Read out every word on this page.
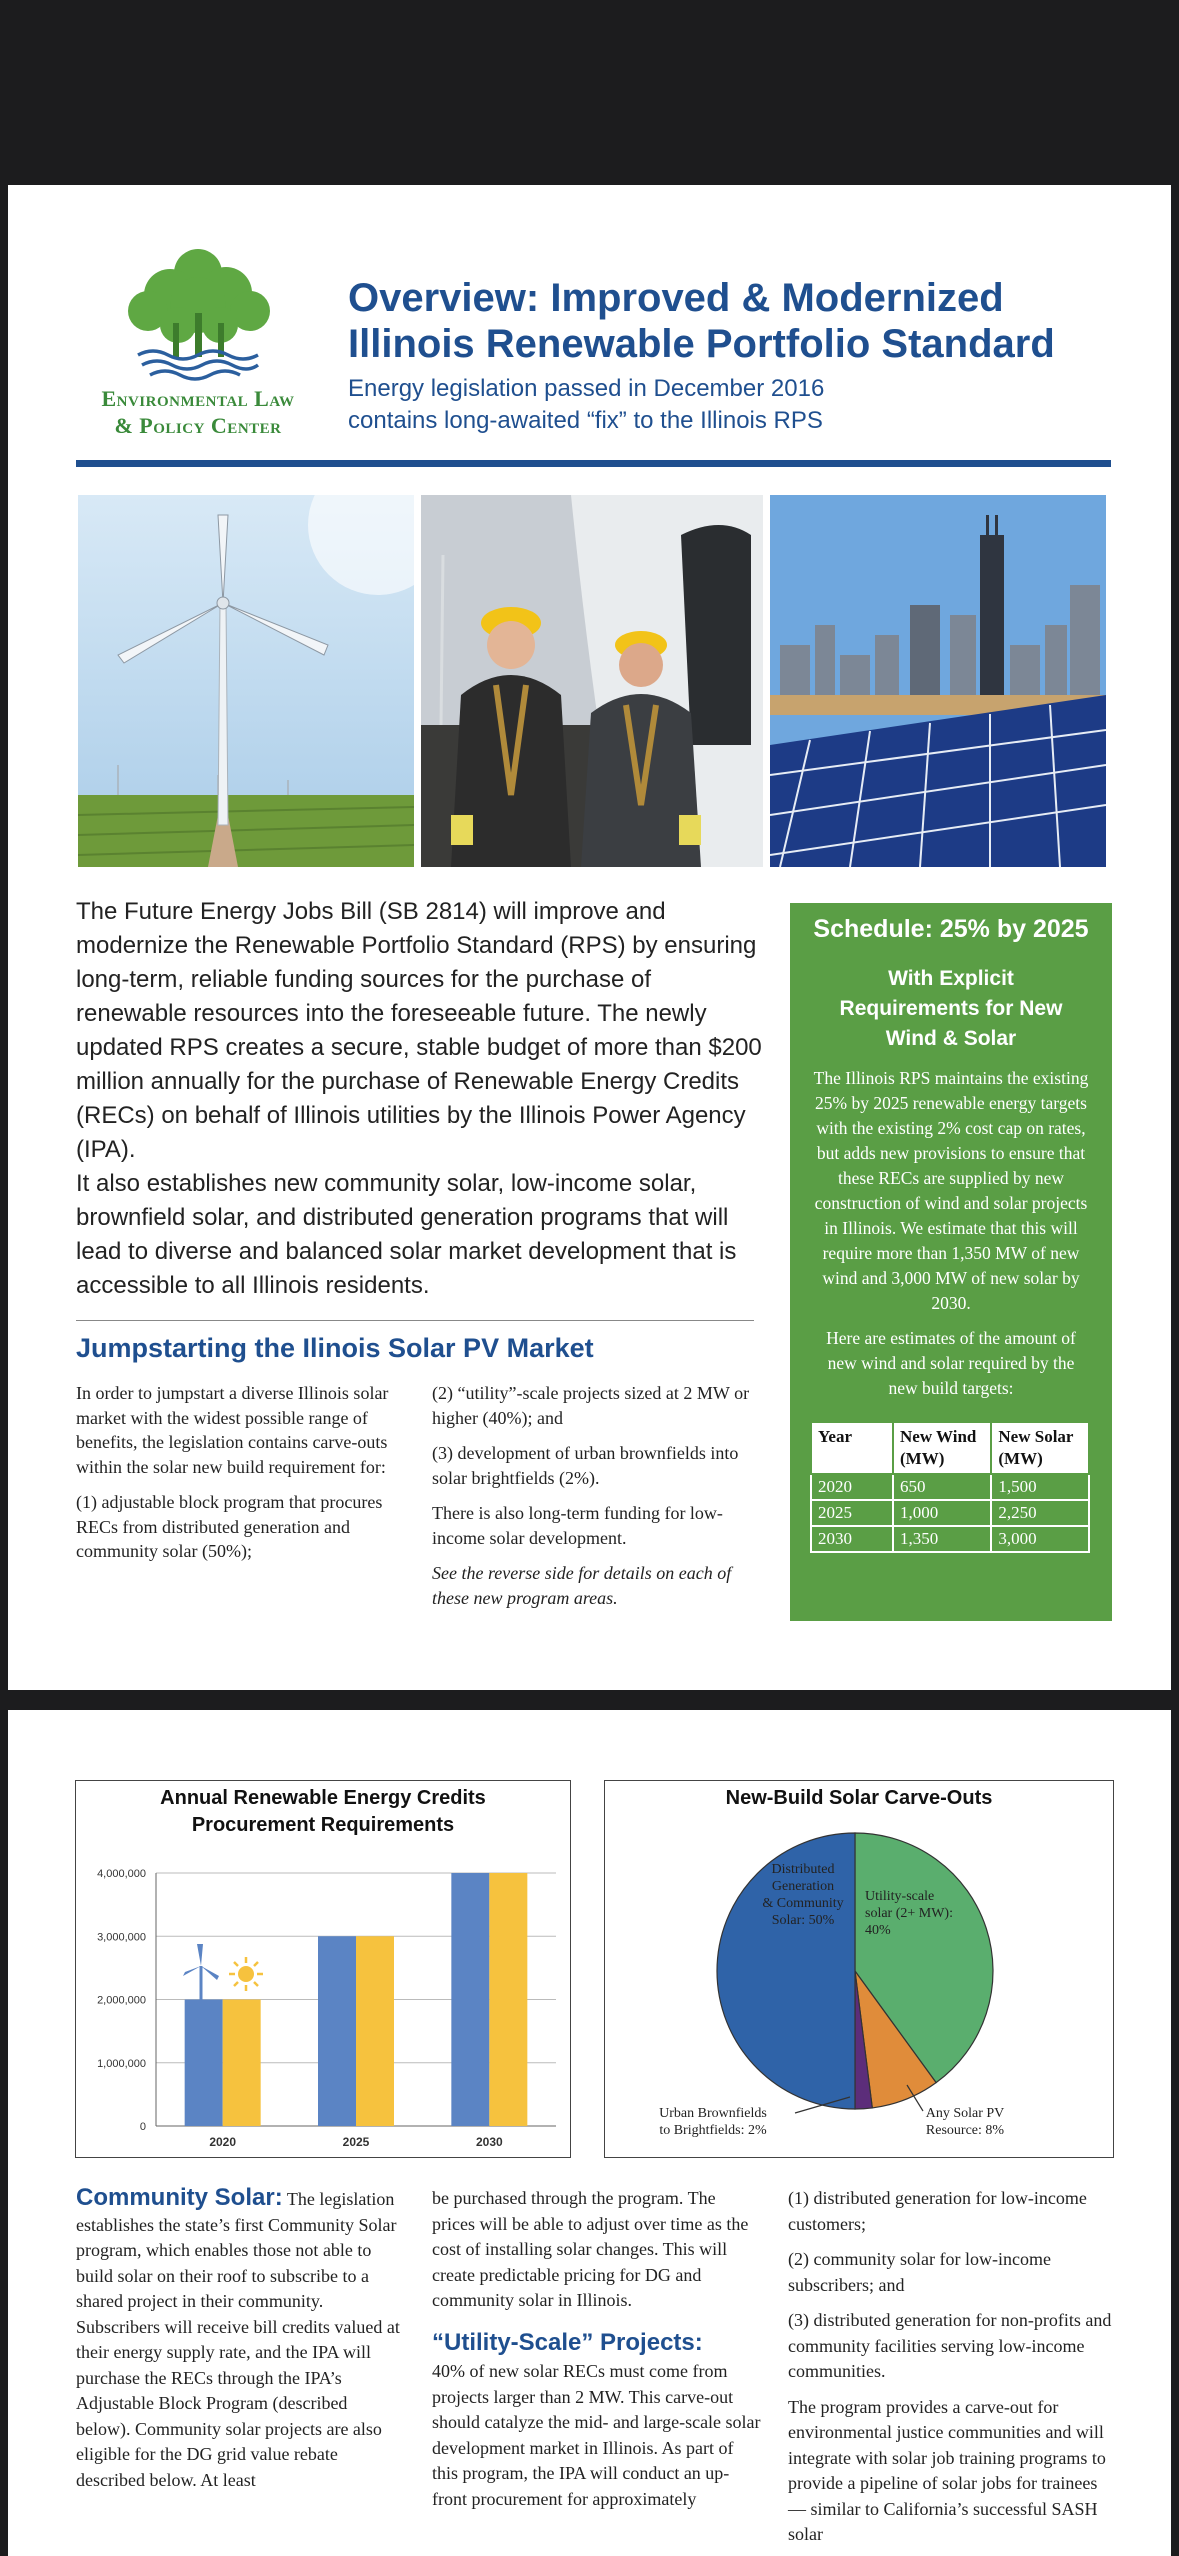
Environmental Law
& Policy Center
Overview: Improved & Modernized
Illinois Renewable Portfolio Standard
Energy legislation passed in December 2016
contains long-awaited “fix” to the Illinois RPS

The Future Energy Jobs Bill (SB 2814) will improve and modernize the Renewable Portfolio Standard (RPS) by ensuring long-term, reliable funding sources for the purchase of renewable resources into the foreseeable future. The newly updated RPS creates a secure, stable budget of more than $200 million annually for the purchase of Renewable Energy Credits (RECs) on behalf of Illinois utilities by the Illinois Power Agency (IPA).

It also establishes new community solar, low-income solar, brownfield solar, and distributed generation programs that will lead to diverse and balanced solar market development that is accessible to all Illinois residents.

Jumpstarting the Ilinois Solar PV Market

In order to jumpstart a diverse Illinois solar market with the widest possible range of benefits, the legislation contains carve-outs within the solar new build requirement for:

(1) adjustable block program that procures RECs from distributed generation and community solar (50%);

(2) “utility”-scale projects sized at 2 MW or higher (40%); and

(3) development of urban brownfields into solar brightfields (2%).

There is also long-term funding for low-income solar development.

See the reverse side for details on each of these new program areas.

Schedule: 25% by 2025
With Explicit Requirements for New Wind & Solar
The Illinois RPS maintains the existing 25% by 2025 renewable energy targets with the existing 2% cost cap on rates, but adds new provisions to ensure that these RECs are supplied by new construction of wind and solar projects in Illinois. We estimate that this will require more than 1,350 MW of new wind and 3,000 MW of new solar by 2030.
Here are estimates of the amount of new wind and solar required by the new build targets:
Year	New Wind (MW)	New Solar (MW)
2020	650	1,500
2025	1,000	2,250
2030	1,350	3,000
Annual Renewable Energy Credits
Procurement Requirements
0
1,000,000
2,000,000
3,000,000
4,000,000
2020	2025	2030
New-Build Solar Carve-Outs
Distributed
Generation
& Community
Solar: 50%
Utility-scale
solar (2+ MW):
40%
Urban Brownfields
to Brightfields: 2%
Any Solar PV
Resource: 8%
Community Solar: The legislation establishes the state’s first Community Solar program, which enables those not able to build solar on their roof to subscribe to a shared project in their community. Subscribers will receive bill credits valued at their energy supply rate, and the IPA will purchase the RECs through the IPA’s Adjustable Block Program (described below). Community solar projects are also eligible for the DG grid value rebate described below. At least

be purchased through the program. The prices will be able to adjust over time as the cost of installing solar changes. This will create predictable pricing for DG and community solar in Illinois.

“Utility-Scale” Projects:

40% of new solar RECs must come from projects larger than 2 MW. This carve-out should catalyze the mid- and large-scale solar development market in Illinois. As part of this program, the IPA will conduct an up-front procurement for approximately

(1) distributed generation for low-income customers;

(2) community solar for low-income subscribers; and

(3) distributed generation for non-profits and community facilities serving low-income communities.

The program provides a carve-out for environmental justice communities and will integrate with solar job training programs to provide a pipeline of solar jobs for trainees — similar to California’s successful SASH solar
